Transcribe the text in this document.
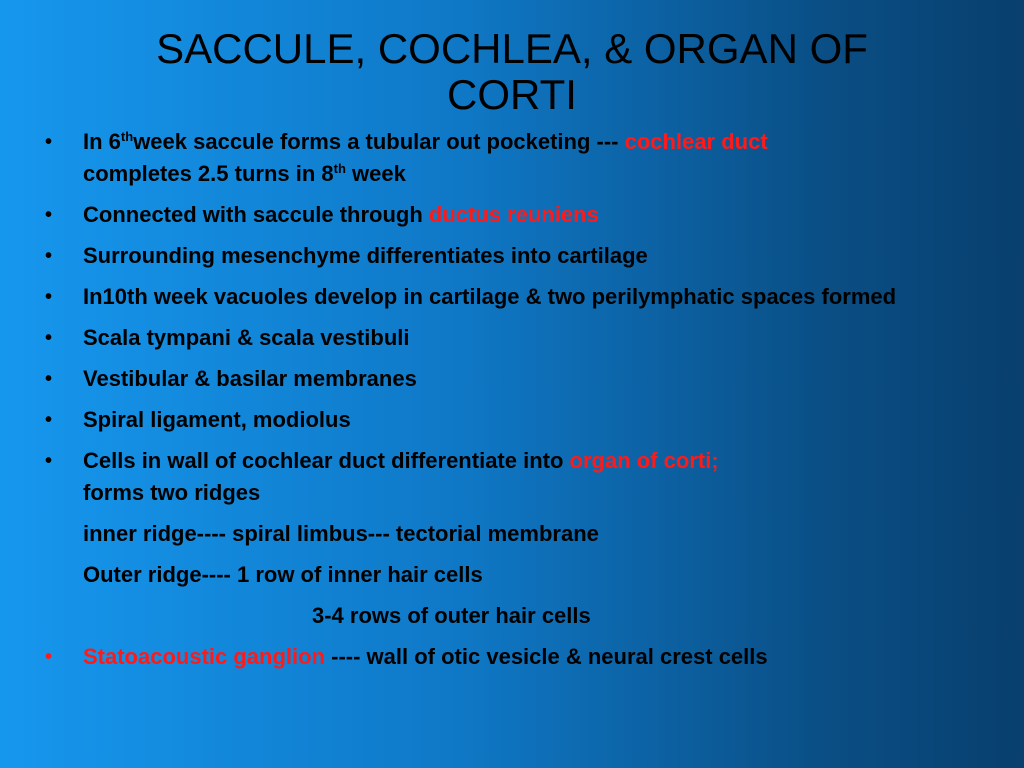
SACCULE, COCHLEA, & ORGAN OF
CORTI
• In 6thweek saccule forms a tubular out pocketing --- cochlear duct
completes 2.5 turns in 8th week
• Connected with saccule through ductus reuniens
• Surrounding mesenchyme differentiates into cartilage
• In10th week vacuoles develop in cartilage & two perilymphatic spaces formed
• Scala tympani & scala vestibuli
• Vestibular & basilar membranes
• Spiral ligament, modiolus
• Cells in wall of cochlear duct differentiate into organ of corti;
forms two ridges
inner ridge---- spiral limbus--- tectorial membrane
Outer ridge---- 1 row of inner hair cells
3-4 rows of outer hair cells
• Statoacoustic ganglion ---- wall of otic vesicle & neural crest cells
